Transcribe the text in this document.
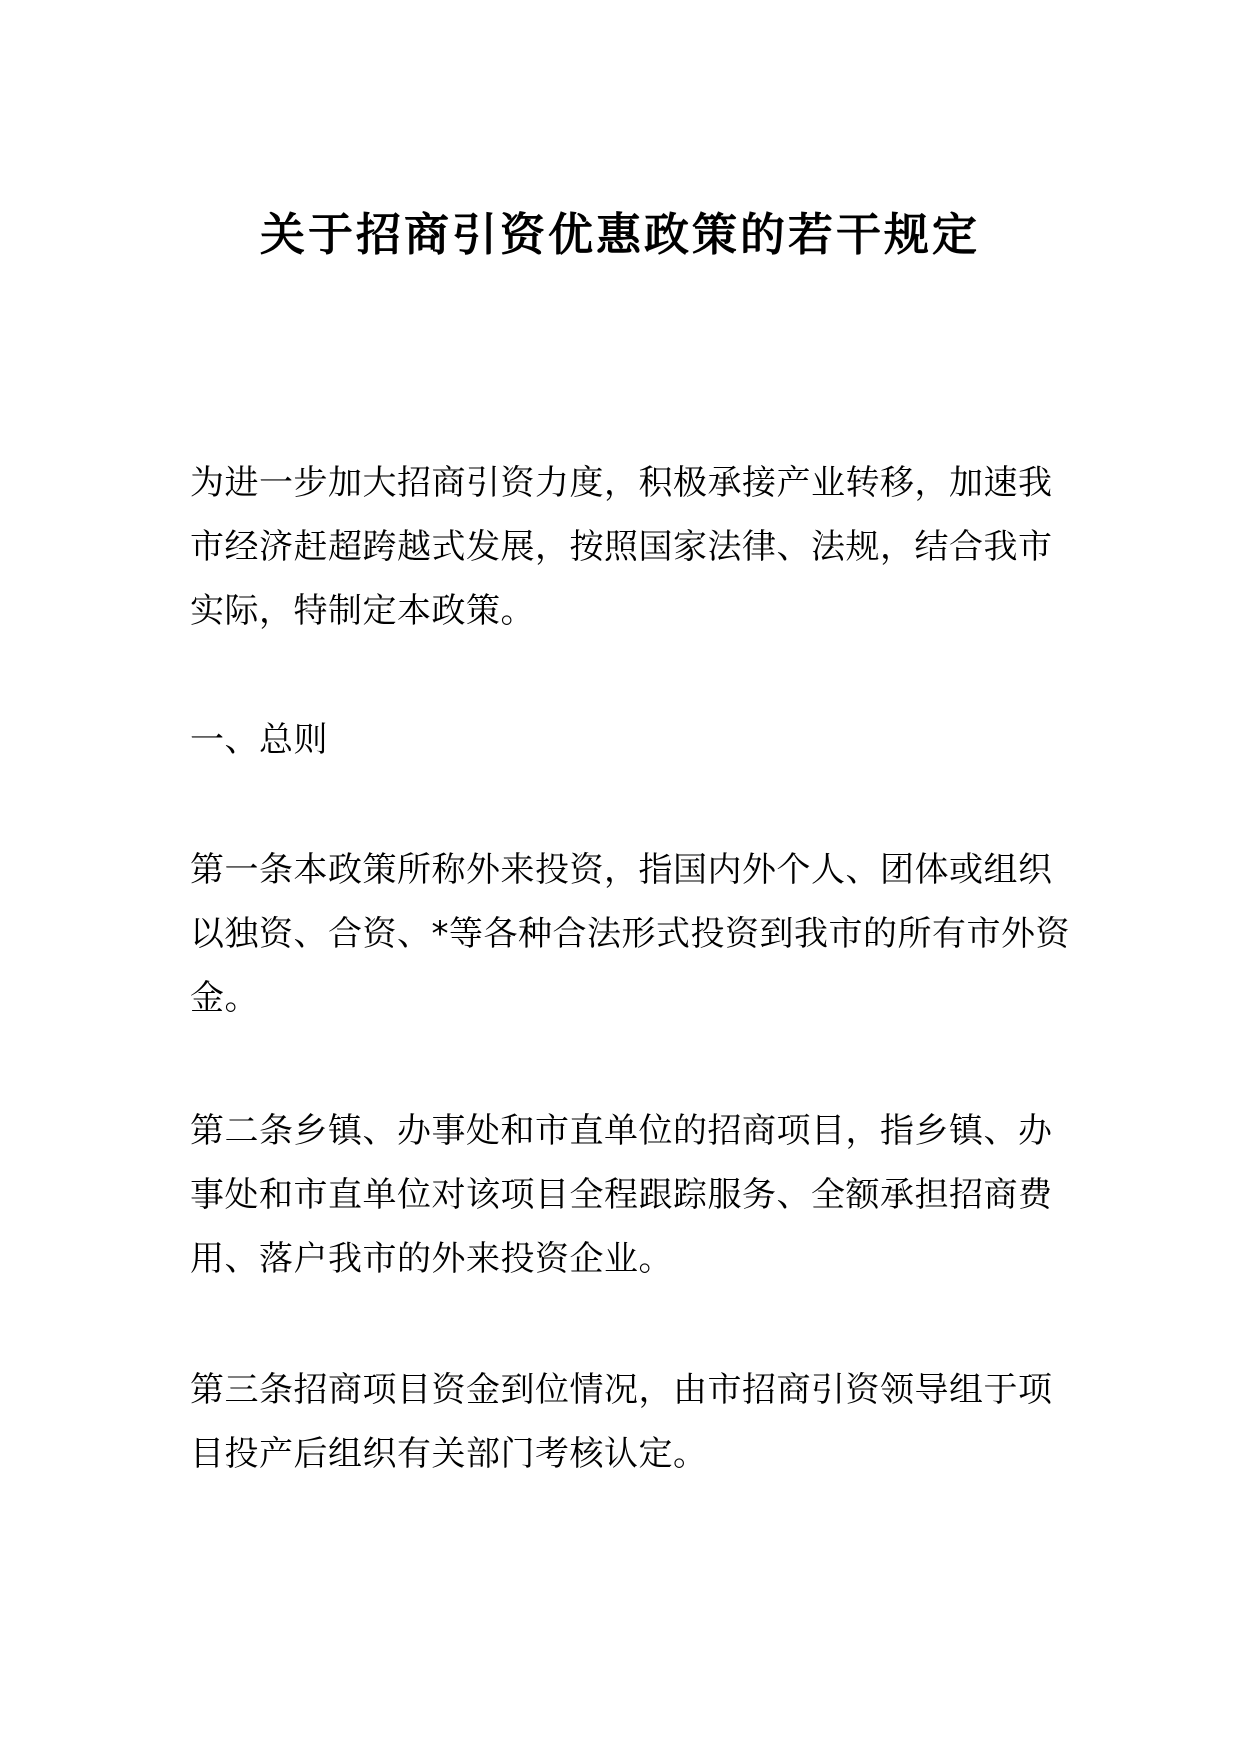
关于招商引资优惠政策的若干规定
为进一步加大招商引资力度，积极承接产业转移，加速我
市经济赶超跨越式发展，按照国家法律、法规，结合我市
实际，特制定本政策。
一、总则
第一条本政策所称外来投资，指国内外个人、团体或组织
以独资、合资、*等各种合法形式投资到我市的所有市外资
金。
第二条乡镇、办事处和市直单位的招商项目，指乡镇、办
事处和市直单位对该项目全程跟踪服务、全额承担招商费
用、落户我市的外来投资企业。
第三条招商项目资金到位情况，由市招商引资领导组于项
目投产后组织有关部门考核认定。
